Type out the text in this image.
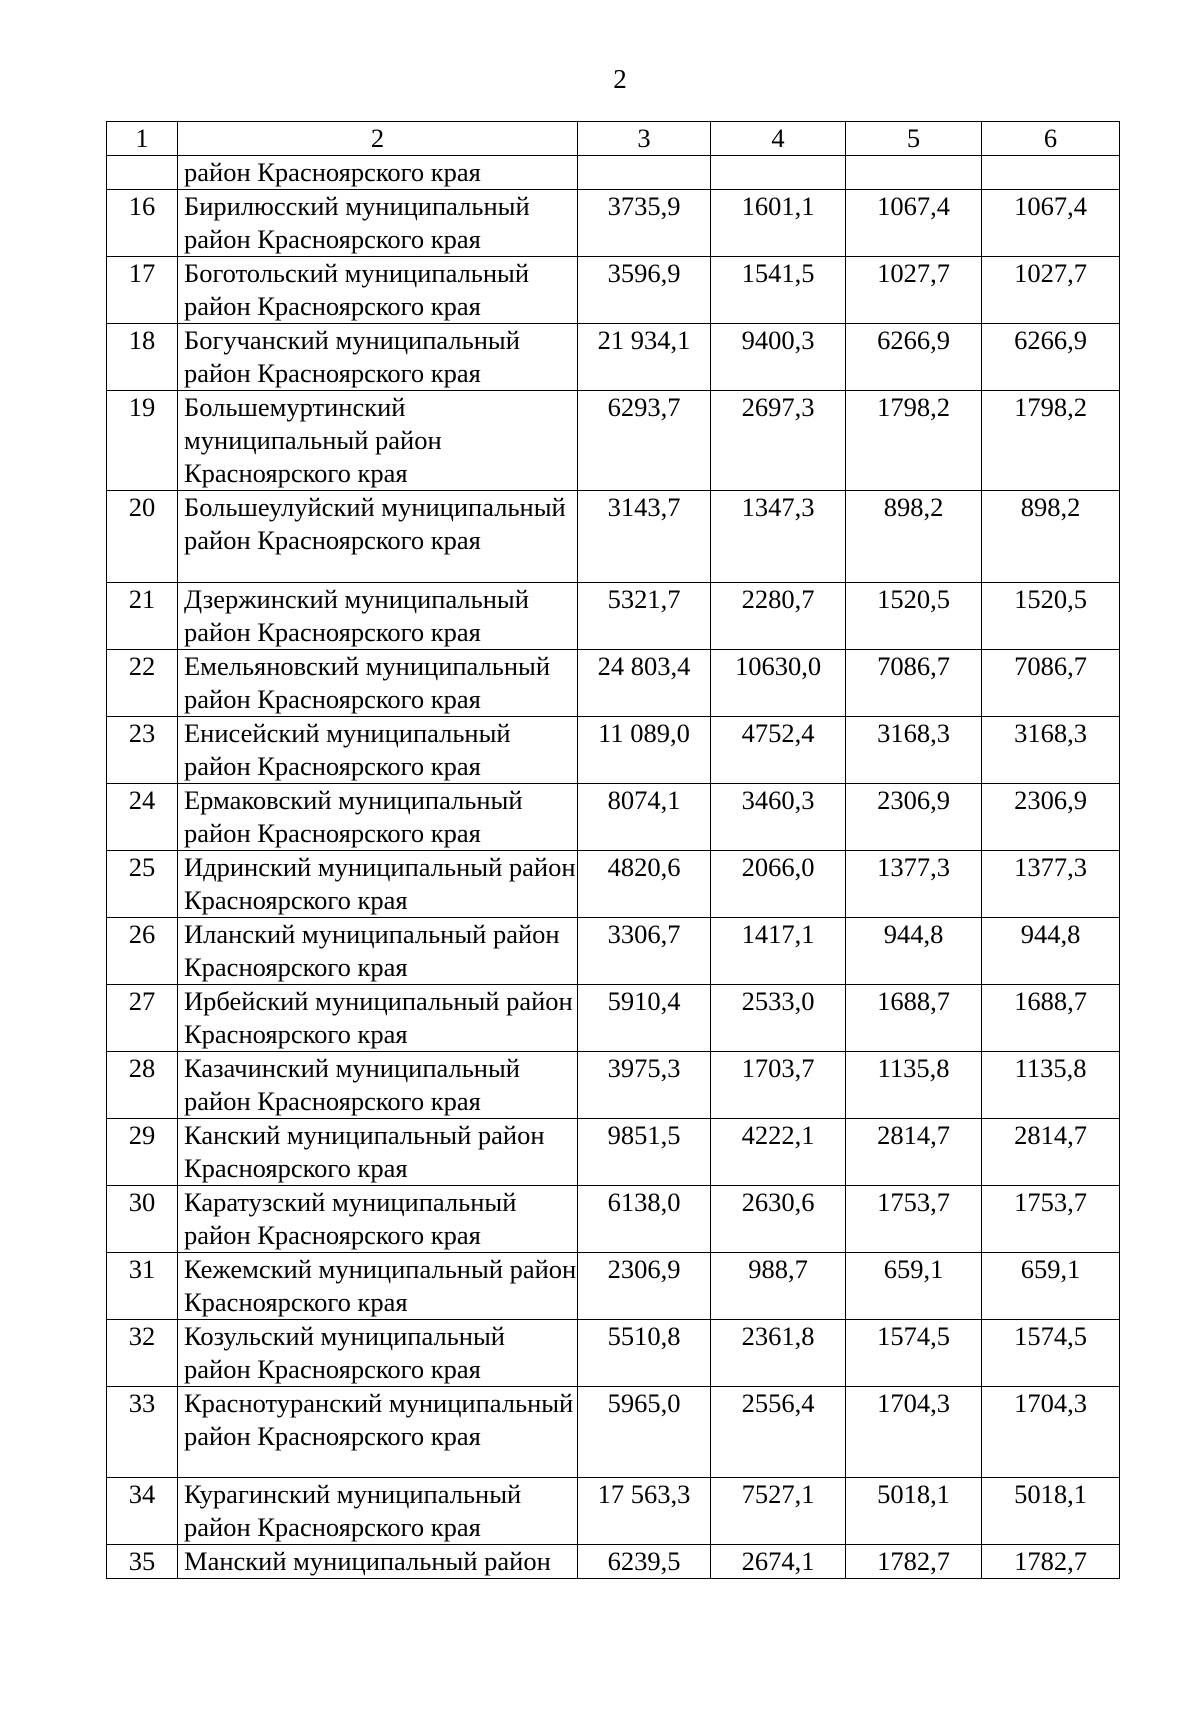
2
1	2	3	4	5	6
	район Красноярского края				
16	Бирилюсский муниципальный район Красноярского края	3735,9	1601,1	1067,4	1067,4
17	Боготольский муниципальный район Красноярского края	3596,9	1541,5	1027,7	1027,7
18	Богучанский муниципальный район Красноярского края	21 934,1	9400,3	6266,9	6266,9
19	Большемуртинский муниципальный район Красноярского края	6293,7	2697,3	1798,2	1798,2
20	Большеулуйский муниципальный район Красноярского края	3143,7	1347,3	898,2	898,2
21	Дзержинский муниципальный район Красноярского края	5321,7	2280,7	1520,5	1520,5
22	Емельяновский муниципальный район Красноярского края	24 803,4	10630,0	7086,7	7086,7
23	Енисейский муниципальный район Красноярского края	11 089,0	4752,4	3168,3	3168,3
24	Ермаковский муниципальный район Красноярского края	8074,1	3460,3	2306,9	2306,9
25	Идринский муниципальный район Красноярского края	4820,6	2066,0	1377,3	1377,3
26	Иланский муниципальный район Красноярского края	3306,7	1417,1	944,8	944,8
27	Ирбейский муниципальный район Красноярского края	5910,4	2533,0	1688,7	1688,7
28	Казачинский муниципальный район Красноярского края	3975,3	1703,7	1135,8	1135,8
29	Канский муниципальный район Красноярского края	9851,5	4222,1	2814,7	2814,7
30	Каратузский муниципальный район Красноярского края	6138,0	2630,6	1753,7	1753,7
31	Кежемский муниципальный район Красноярского края	2306,9	988,7	659,1	659,1
32	Козульский муниципальный район Красноярского края	5510,8	2361,8	1574,5	1574,5
33	Краснотуранский муниципальный район Красноярского края	5965,0	2556,4	1704,3	1704,3
34	Курагинский муниципальный район Красноярского края	17 563,3	7527,1	5018,1	5018,1
35	Манский муниципальный район	6239,5	2674,1	1782,7	1782,7
